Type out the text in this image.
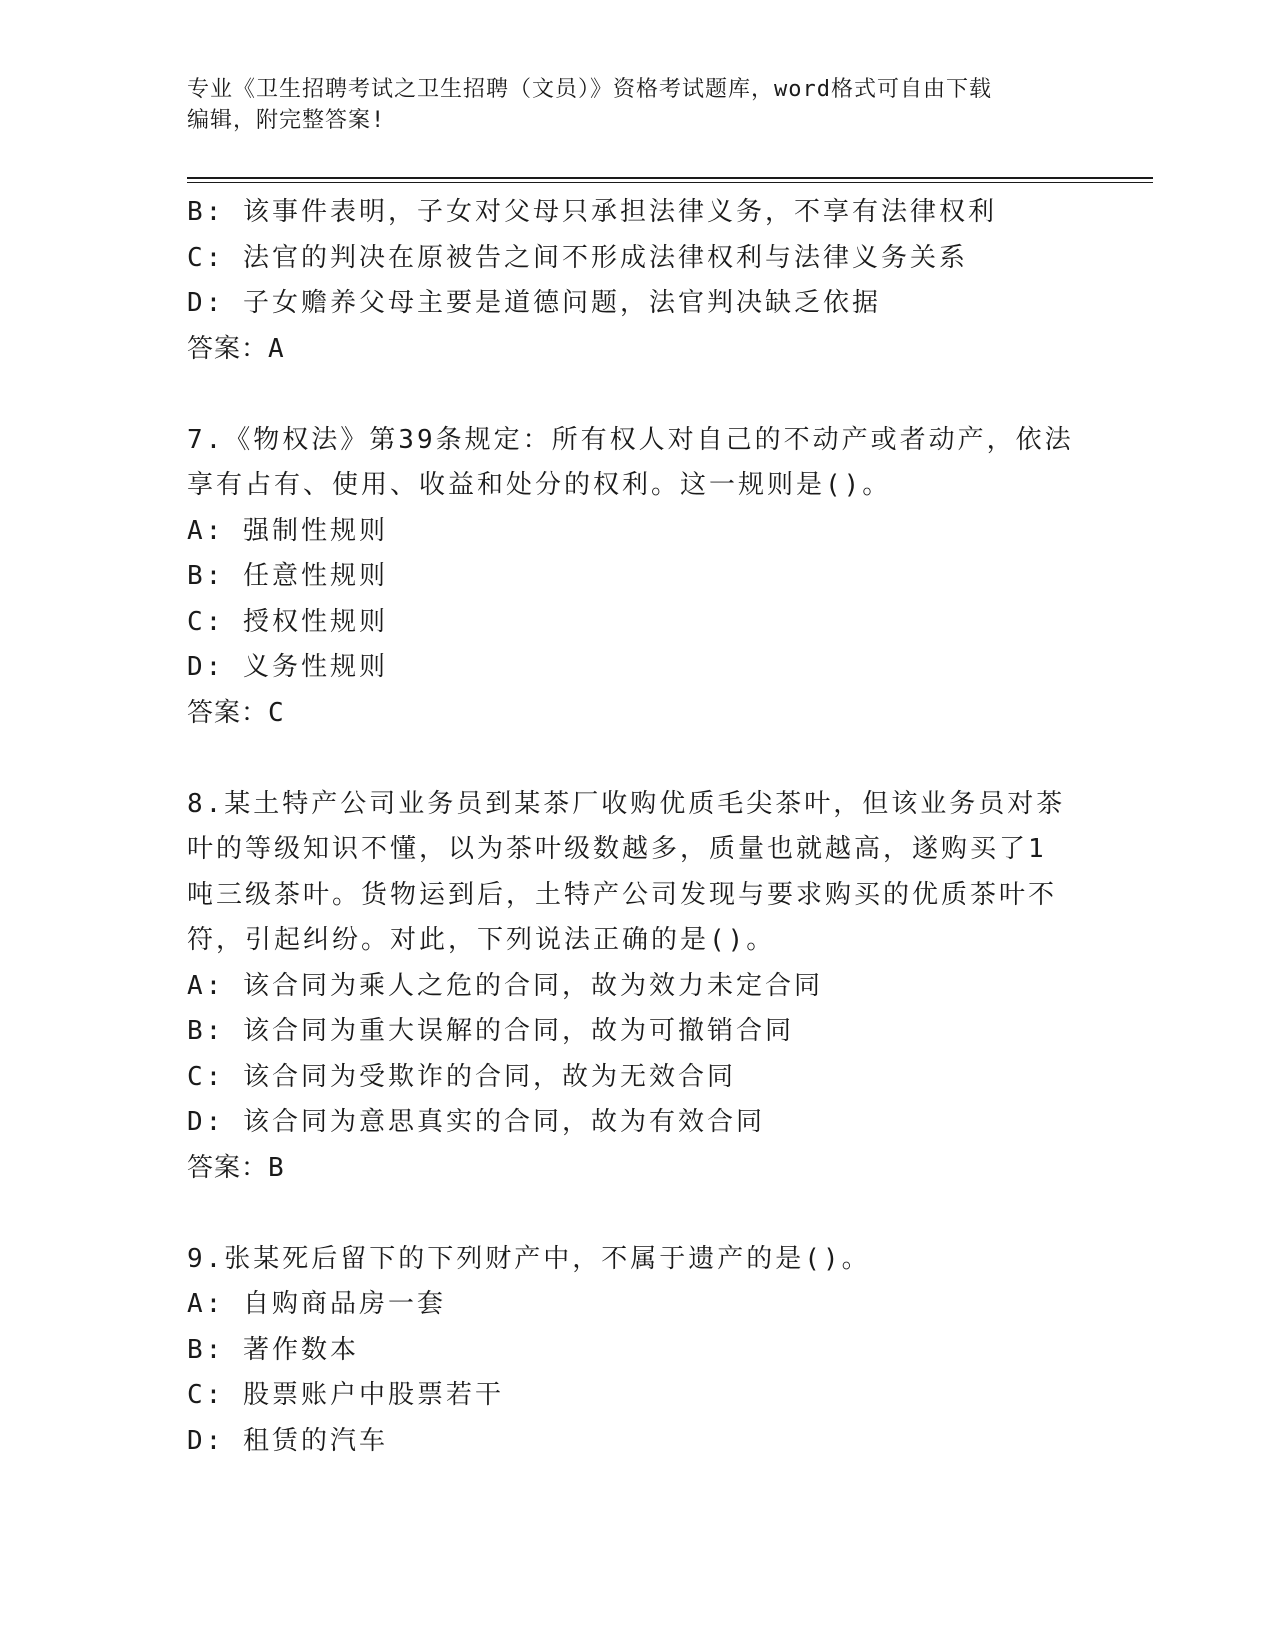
专业《卫生招聘考试之卫生招聘（文员）》资格考试题库，word格式可自由下载
编辑，附完整答案!
B: 该事件表明，子女对父母只承担法律义务，不享有法律权利
C: 法官的判决在原被告之间不形成法律权利与法律义务关系
D: 子女赡养父母主要是道德问题，法官判决缺乏依据
答案：A
7.《物权法》第39条规定：所有权人对自己的不动产或者动产，依法
享有占有、使用、收益和处分的权利。这一规则是()。
A: 强制性规则
B: 任意性规则
C: 授权性规则
D: 义务性规则
答案：C
8.某土特产公司业务员到某茶厂收购优质毛尖茶叶，但该业务员对茶
叶的等级知识不懂，以为茶叶级数越多，质量也就越高，遂购买了1
吨三级茶叶。货物运到后，土特产公司发现与要求购买的优质茶叶不
符，引起纠纷。对此，下列说法正确的是()。
A: 该合同为乘人之危的合同，故为效力未定合同
B: 该合同为重大误解的合同，故为可撤销合同
C: 该合同为受欺诈的合同，故为无效合同
D: 该合同为意思真实的合同，故为有效合同
答案：B
9.张某死后留下的下列财产中，不属于遗产的是()。
A: 自购商品房一套
B: 著作数本
C: 股票账户中股票若干
D: 租赁的汽车
